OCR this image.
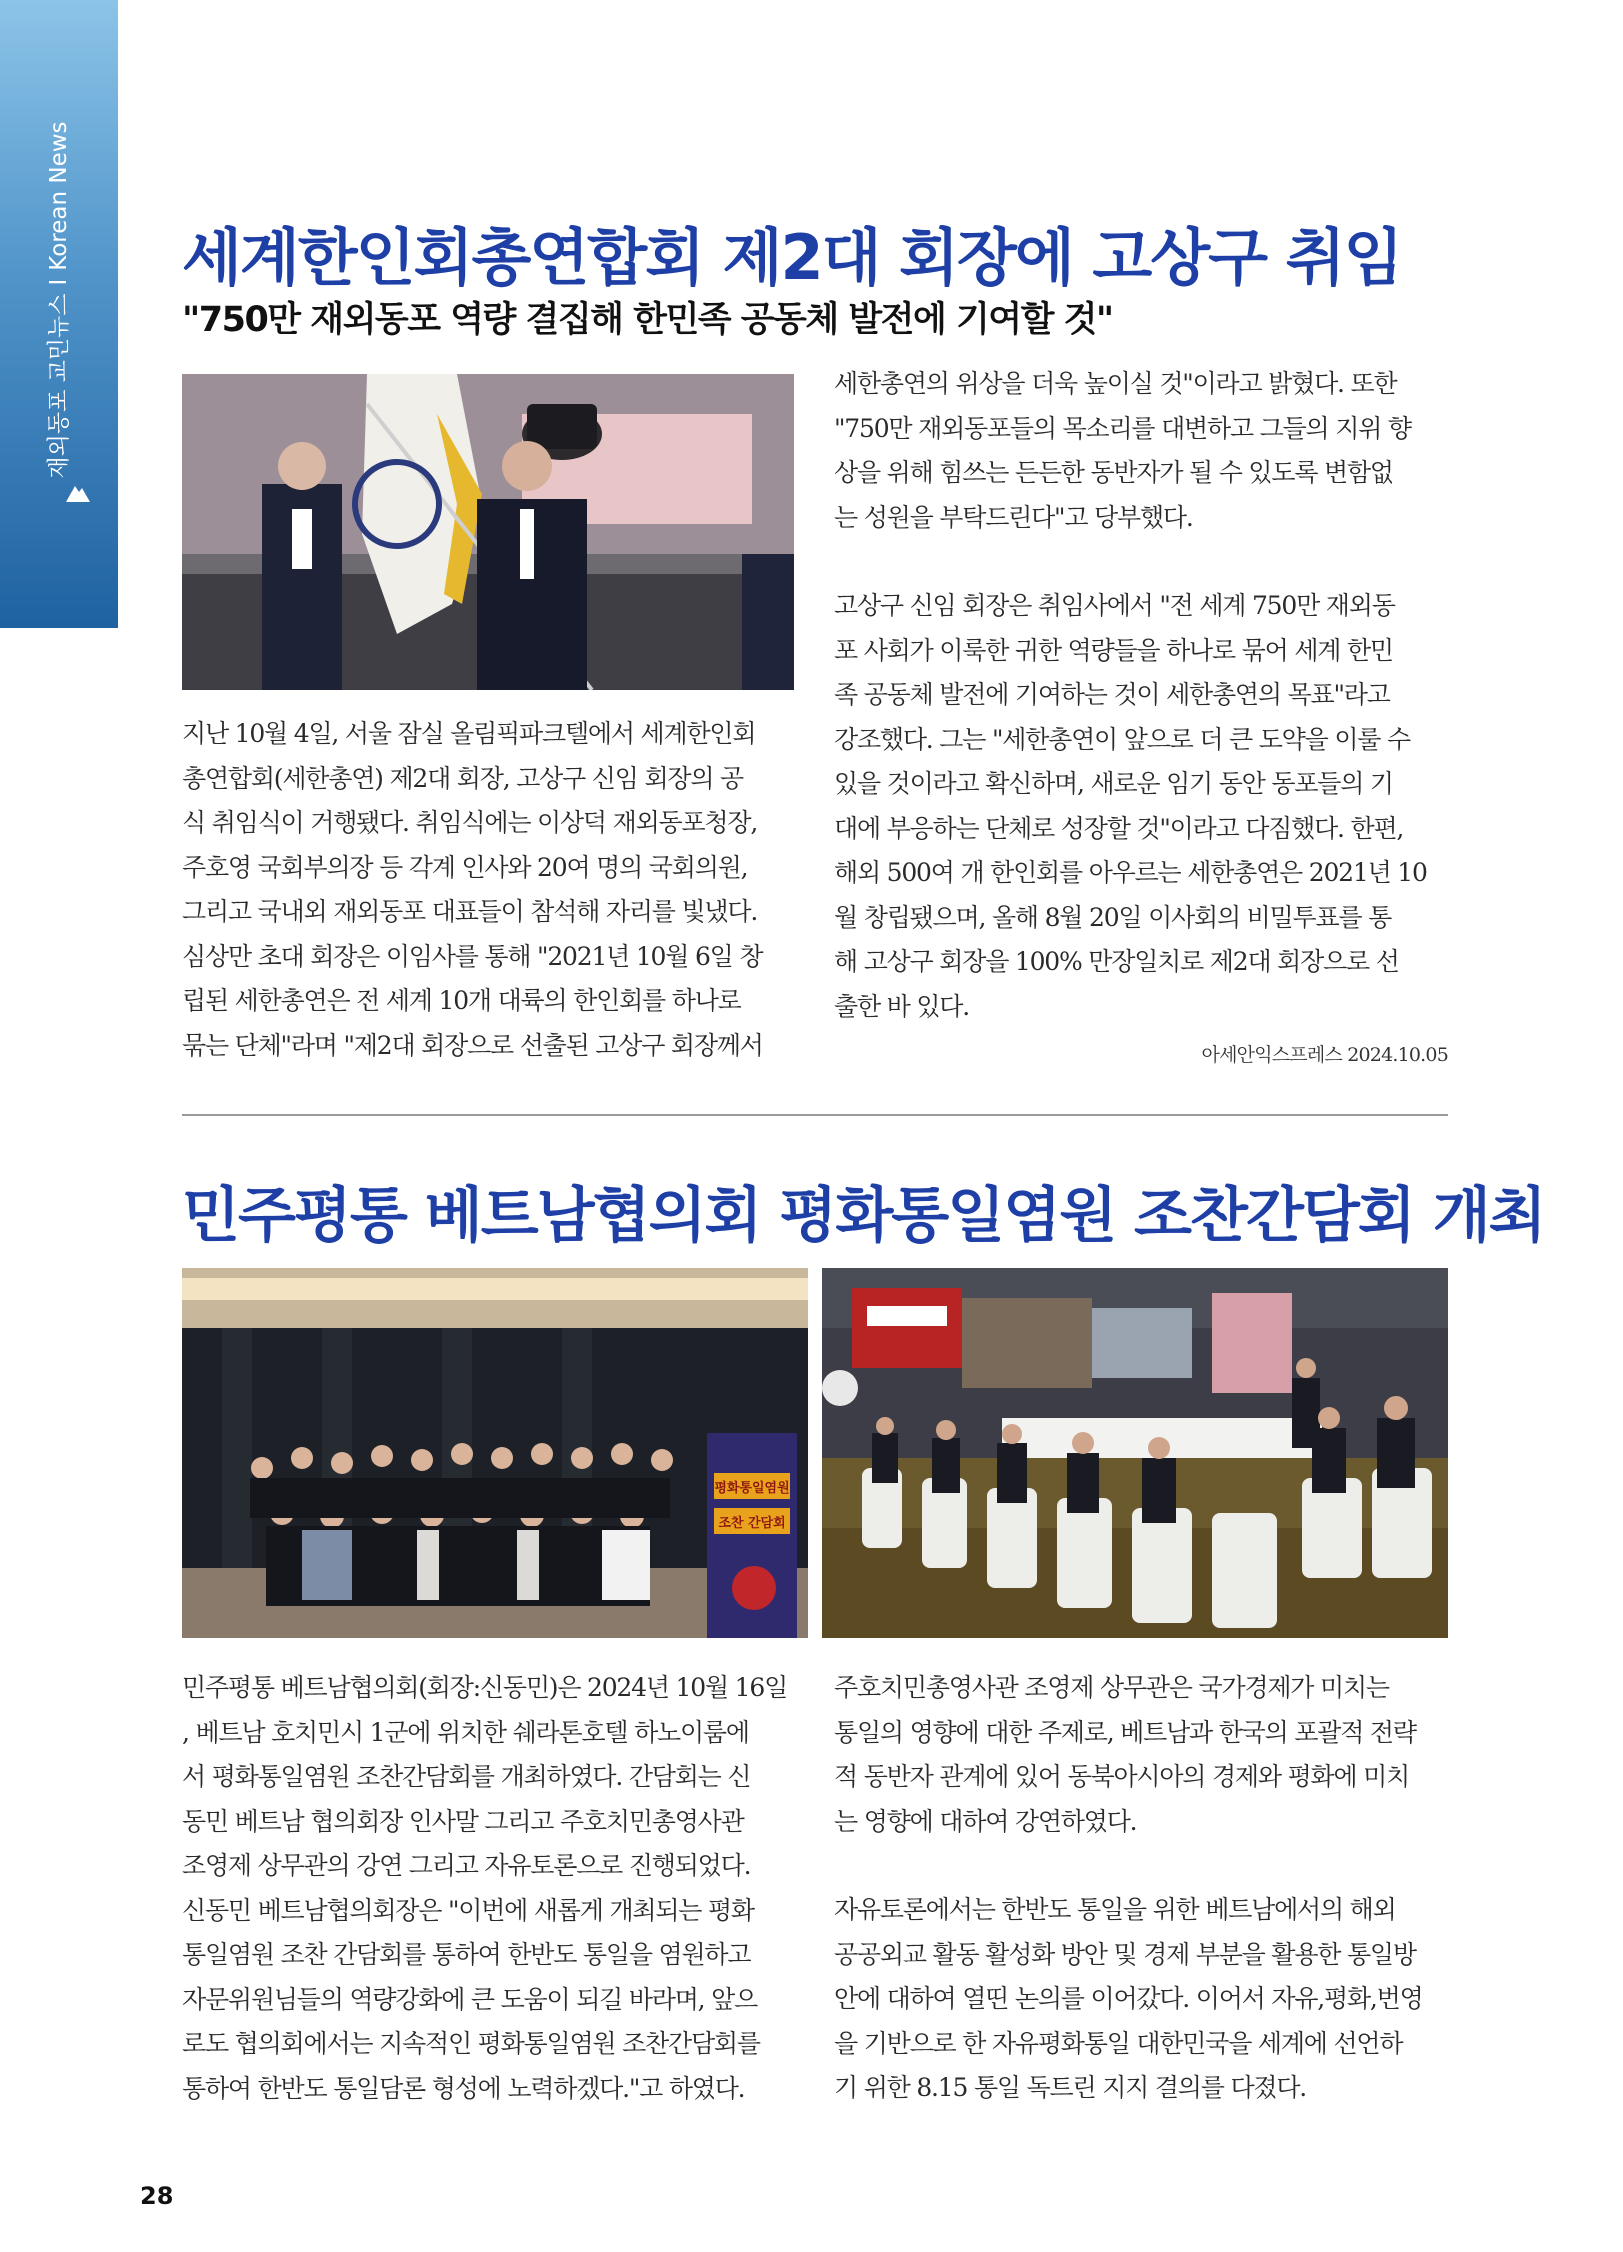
재외동포 교민뉴스IKorean News 세계한인회총연합회 제2대 회장에 고상구 취임
"750만 재외동포 역량 결집해 한민족 공동체 발전에 기여할 것"

지난 10월 4일, 서울 잠실 올림픽파크텔에서 세계한인회

총연합회(세한총연) 제2대 회장, 고상구 신임 회장의 공

식 취임식이 거행됐다. 취임식에는 이상덕 재외동포청장,

주호영 국회부의장 등 각계 인사와 20여 명의 국회의원,

그리고 국내외 재외동포 대표들이 참석해 자리를 빛냈다.

심상만 초대 회장은 이임사를 통해 "2021년 10월 6일 창

립된 세한총연은 전 세계 10개 대륙의 한인회를 하나로

묶는 단체"라며 "제2대 회장으로 선출된 고상구 회장께서

세한총연의 위상을 더욱 높이실 것"이라고 밝혔다. 또한

"750만 재외동포들의 목소리를 대변하고 그들의 지위 향

상을 위해 힘쓰는 든든한 동반자가 될 수 있도록 변함없

는 성원을 부탁드린다"고 당부했다.

고상구 신임 회장은 취임사에서 "전 세계 750만 재외동

포 사회가 이룩한 귀한 역량들을 하나로 묶어 세계 한민

족 공동체 발전에 기여하는 것이 세한총연의 목표"라고

강조했다. 그는 "세한총연이 앞으로 더 큰 도약을 이룰 수

있을 것이라고 확신하며, 새로운 임기 동안 동포들의 기

대에 부응하는 단체로 성장할 것"이라고 다짐했다. 한편,

해외 500여 개 한인회를 아우르는 세한총연은 2021년 10

월 창립됐으며, 올해 8월 20일 이사회의 비밀투표를 통

해 고상구 회장을 100% 만장일치로 제2대 회장으로 선

출한 바 있다.

아세안익스프레스 2024.10.05
민주평통 베트남협의회 평화통일염원 조찬간담회 개최
평화통일염원
조찬 간담회

민주평통 베트남협의회(회장:신동민)은 2024년 10월 16일

, 베트남 호치민시 1군에 위치한 쉐라톤호텔 하노이룸에

서 평화통일염원 조찬간담회를 개최하였다. 간담회는 신

동민 베트남 협의회장 인사말 그리고 주호치민총영사관

조영제 상무관의 강연 그리고 자유토론으로 진행되었다.

신동민 베트남협의회장은 "이번에 새롭게 개최되는 평화

통일염원 조찬 간담회를 통하여 한반도 통일을 염원하고

자문위원님들의 역량강화에 큰 도움이 되길 바라며, 앞으

로도 협의회에서는 지속적인 평화통일염원 조찬간담회를

통하여 한반도 통일담론 형성에 노력하겠다."고 하였다.

주호치민총영사관 조영제 상무관은 국가경제가 미치는

통일의 영향에 대한 주제로, 베트남과 한국의 포괄적 전략

적 동반자 관계에 있어 동북아시아의 경제와 평화에 미치

는 영향에 대하여 강연하였다.

자유토론에서는 한반도 통일을 위한 베트남에서의 해외

공공외교 활동 활성화 방안 및 경제 부분을 활용한 통일방

안에 대하여 열띤 논의를 이어갔다. 이어서 자유,평화,번영

을 기반으로 한 자유평화통일 대한민국을 세계에 선언하

기 위한 8.15 통일 독트린 지지 결의를 다졌다.

28
